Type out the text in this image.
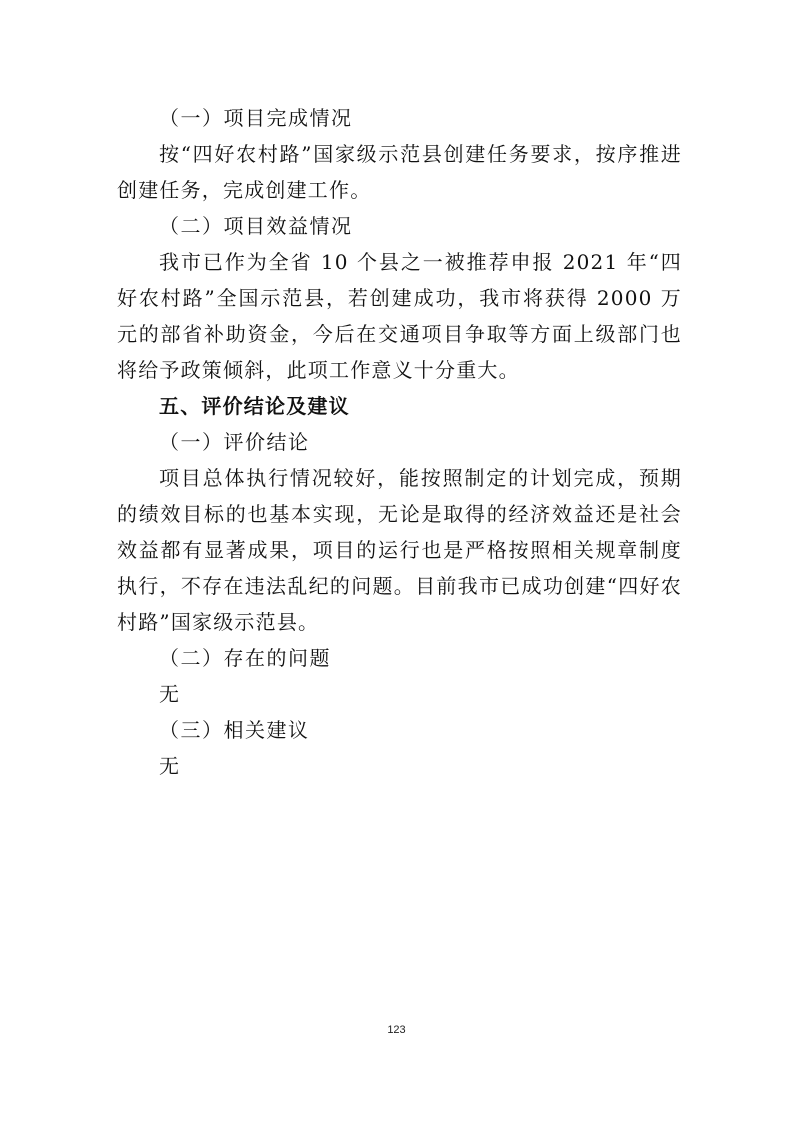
（一）项目完成情况

按“四好农村路”国家级示范县创建任务要求，按序推进创建任务，完成创建工作。

（二）项目效益情况

我市已作为全省 10 个县之一被推荐申报 2021 年“四好农村路”全国示范县，若创建成功，我市将获得 2000 万元的部省补助资金，今后在交通项目争取等方面上级部门也将给予政策倾斜，此项工作意义十分重大。

五、评价结论及建议

（一）评价结论

项目总体执行情况较好，能按照制定的计划完成，预期的绩效目标的也基本实现，无论是取得的经济效益还是社会效益都有显著成果，项目的运行也是严格按照相关规章制度执行，不存在违法乱纪的问题。目前我市已成功创建“四好农村路”国家级示范县。

（二）存在的问题

无

（三）相关建议

无

123
